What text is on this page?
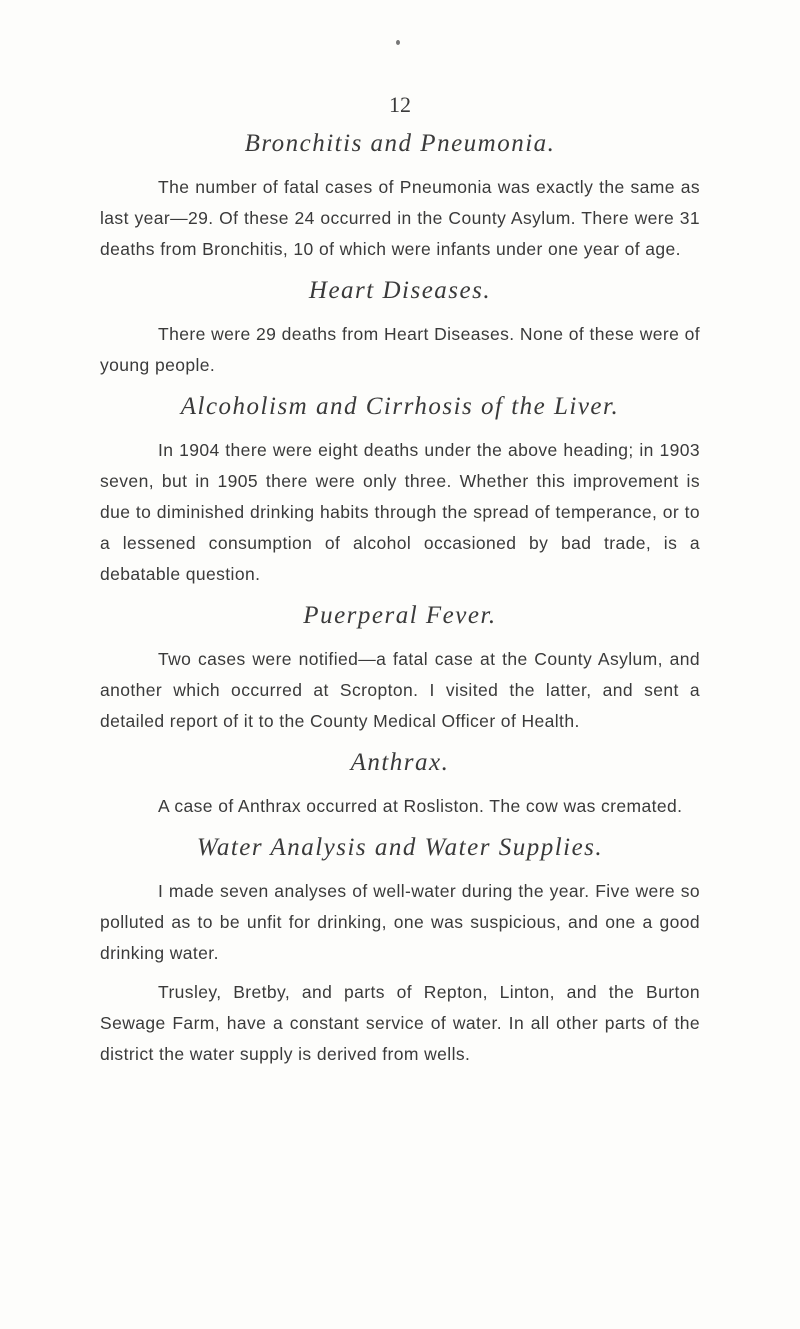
12
Bronchitis and Pneumonia.

The number of fatal cases of Pneumonia was exactly the same as last year—29. Of these 24 occurred in the County Asylum. There were 31 deaths from Bronchitis, 10 of which were infants under one year of age.

Heart Diseases.

There were 29 deaths from Heart Diseases. None of these were of young people.

Alcoholism and Cirrhosis of the Liver.

In 1904 there were eight deaths under the above heading; in 1903 seven, but in 1905 there were only three. Whether this improvement is due to diminished drinking habits through the spread of temperance, or to a lessened consumption of alcohol occasioned by bad trade, is a debatable question.

Puerperal Fever.

Two cases were notified—a fatal case at the County Asylum, and another which occurred at Scropton. I visited the latter, and sent a detailed report of it to the County Medical Officer of Health.

Anthrax.

A case of Anthrax occurred at Rosliston. The cow was cremated.

Water Analysis and Water Supplies.

I made seven analyses of well-water during the year. Five were so polluted as to be unfit for drinking, one was suspicious, and one a good drinking water.

Trusley, Bretby, and parts of Repton, Linton, and the Burton Sewage Farm, have a constant service of water. In all other parts of the district the water supply is derived from wells.
